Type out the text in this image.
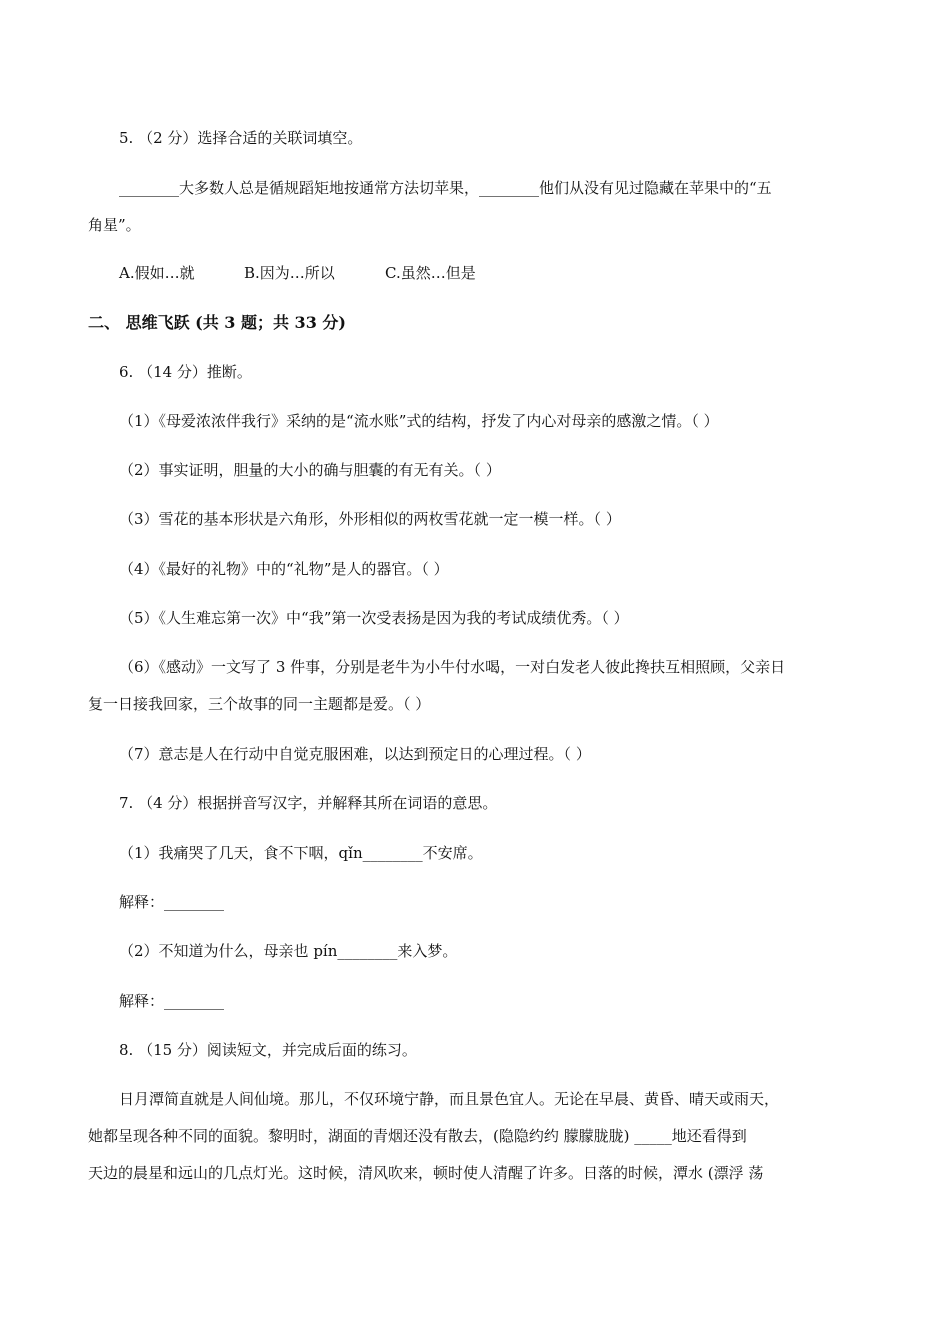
5. （2 分）选择合适的关联词填空。
________大多数人总是循规蹈矩地按通常方法切苹果，________他们从没有见过隐藏在苹果中的“五
角星”。
A.假如…就	B.因为…所以	C.虽然…但是
二、 思维飞跃 (共 3 题；共 33 分)
6. （14 分）推断。
（1）《母爱浓浓伴我行》采纳的是“流水账”式的结构，抒发了内心对母亲的感激之情。（ ）
（2）事实证明，胆量的大小的确与胆囊的有无有关。（ ）
（3）雪花的基本形状是六角形，外形相似的两枚雪花就一定一模一样。（ ）
（4）《最好的礼物》中的“礼物”是人的器官。（ ）
（5）《人生难忘第一次》中“我”第一次受表扬是因为我的考试成绩优秀。（ ）
（6）《感动》一文写了 3 件事，分别是老牛为小牛付水喝，一对白发老人彼此搀扶互相照顾，父亲日
复一日接我回家，三个故事的同一主题都是爱。（ ）
（7）意志是人在行动中自觉克服困难，以达到预定日的心理过程。（ ）
7. （4 分）根据拼音写汉字，并解释其所在词语的意思。
（1）我痛哭了几天，食不下咽，qǐn________不安席。
解释：________
（2）不知道为什么，母亲也 pín________来入梦。
解释：________
8. （15 分）阅读短文，并完成后面的练习。
日月潭简直就是人间仙境。那儿，不仅环境宁静，而且景色宜人。无论在早晨、黄昏、晴天或雨天，
她都呈现各种不同的面貌。黎明时，湖面的青烟还没有散去，(隐隐约约 朦朦胧胧) _____地还看得到
天边的晨星和远山的几点灯光。这时候，清风吹来，顿时使人清醒了许多。日落的时候，潭水 (漂浮 荡
